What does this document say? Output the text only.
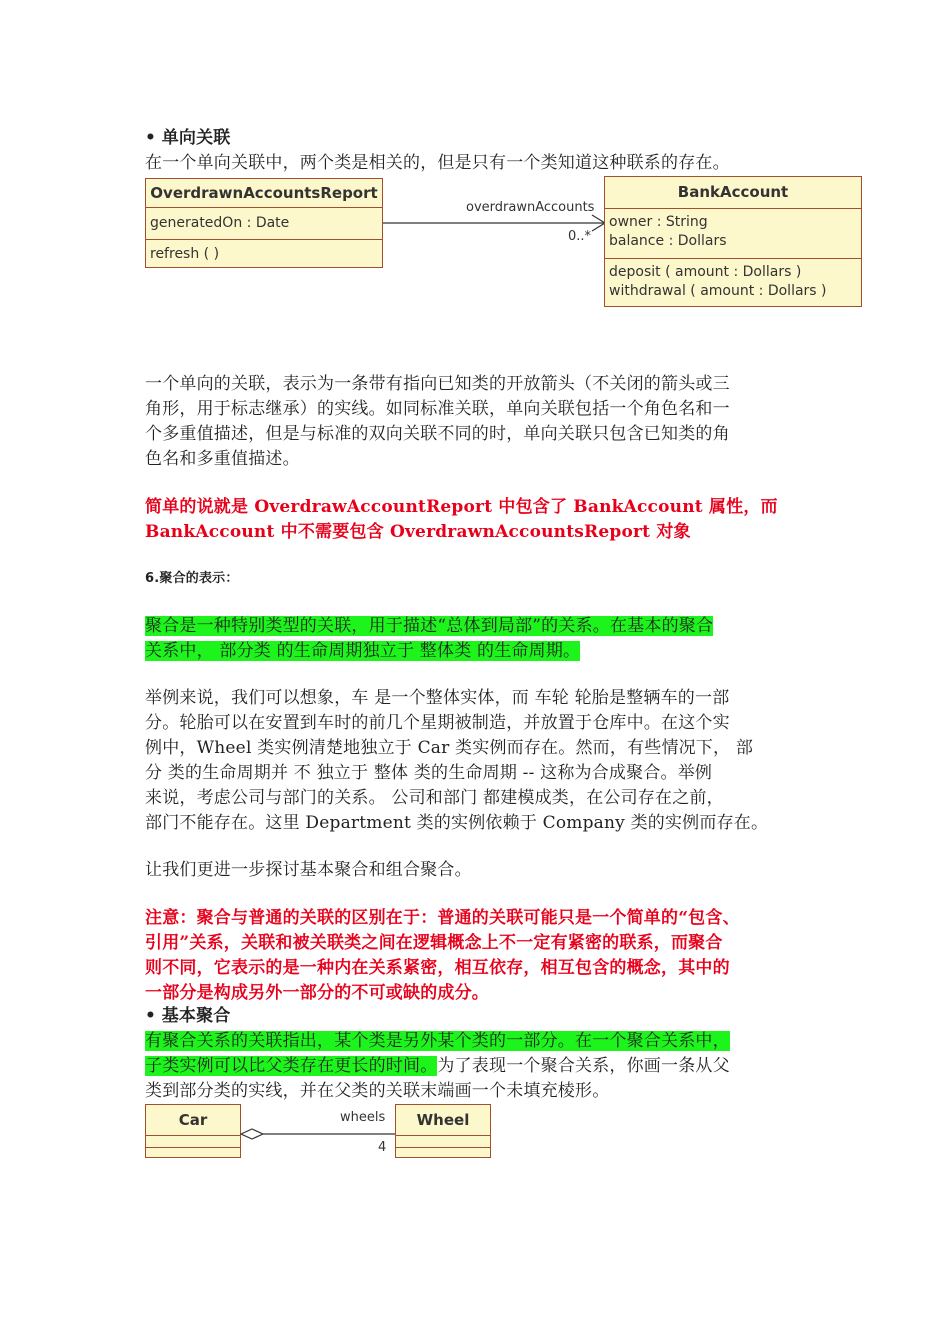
• 单向关联
在一个单向关联中，两个类是相关的，但是只有一个类知道这种联系的存在。
OverdrawnAccountsReport
generatedOn : Date
refresh ( )
overdrawnAccounts
0..*
BankAccount
owner : String
balance : Dollars
deposit ( amount : Dollars )
withdrawal ( amount : Dollars )
一个单向的关联，表示为一条带有指向已知类的开放箭头（不关闭的箭头或三
角形，用于标志继承）的实线。如同标准关联，单向关联包括一个角色名和一
个多重值描述，但是与标准的双向关联不同的时，单向关联只包含已知类的角
色名和多重值描述。
简单的说就是 OverdrawAccountReport 中包含了 BankAccount 属性，而
BankAccount 中不需要包含 OverdrawnAccountsReport 对象
6.聚合的表示：
聚合是一种特别类型的关联，用于描述“总体到局部”的关系。在基本的聚合
关系中， 部分类 的生命周期独立于 整体类 的生命周期。
举例来说，我们可以想象，车 是一个整体实体，而 车轮 轮胎是整辆车的一部
分。轮胎可以在安置到车时的前几个星期被制造，并放置于仓库中。在这个实
例中，Wheel 类实例清楚地独立于 Car 类实例而存在。然而，有些情况下， 部
分 类的生命周期并 不 独立于 整体 类的生命周期 -- 这称为合成聚合。举例
来说，考虑公司与部门的关系。 公司和部门 都建模成类，在公司存在之前，
部门不能存在。这里 Department 类的实例依赖于 Company 类的实例而存在。
让我们更进一步探讨基本聚合和组合聚合。
注意：聚合与普通的关联的区别在于：普通的关联可能只是一个简单的“包含、
引用”关系，关联和被关联类之间在逻辑概念上不一定有紧密的联系，而聚合
则不同，它表示的是一种内在关系紧密，相互依存，相互包含的概念，其中的
一部分是构成另外一部分的不可或缺的成分。
• 基本聚合
有聚合关系的关联指出，某个类是另外某个类的一部分。在一个聚合关系中，
子类实例可以比父类存在更长的时间。为了表现一个聚合关系，你画一条从父
类到部分类的实线，并在父类的关联末端画一个未填充棱形。
Car	wheels
4
Wheel
